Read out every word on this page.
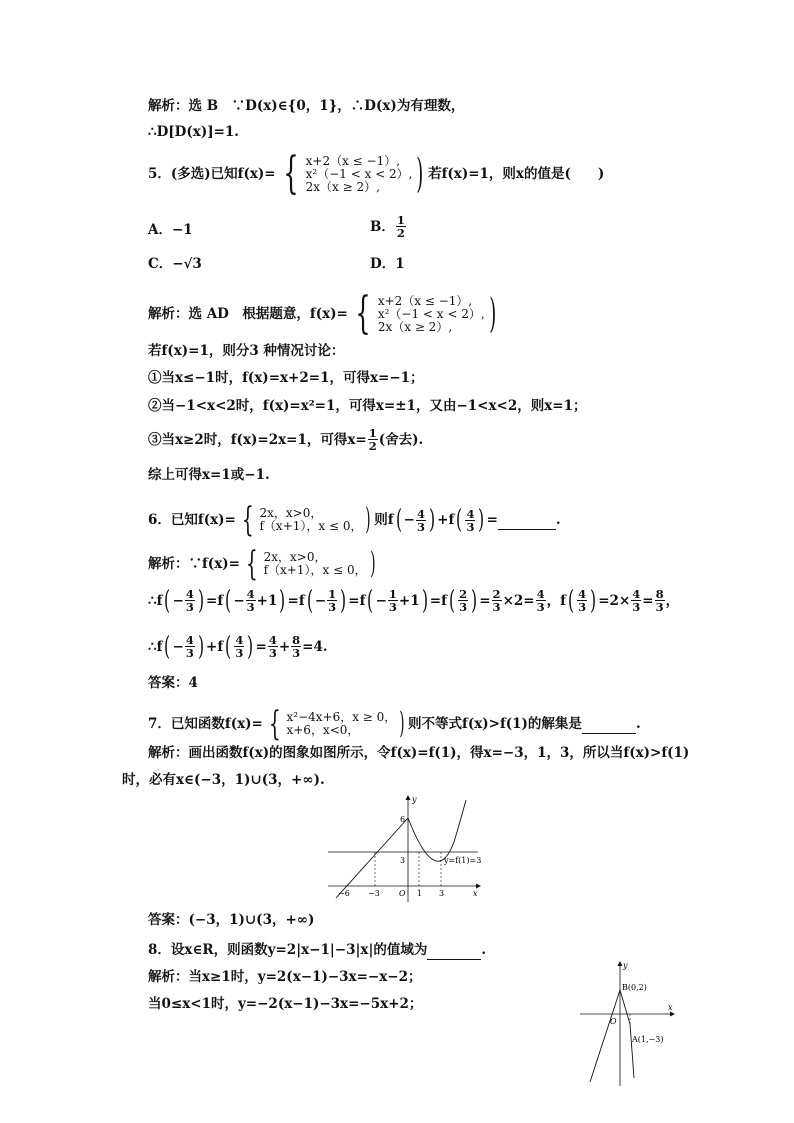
解析：选 B　∵D(x)∈{0，1}，∴D(x)为有理数，
∴D[D(x)]=1.
5．(多选)已知f(x)= { x+2（x ≤ −1）,
x²（−1 < x < 2）,
2x（x ≥ 2）, ) 若f(x)=1，则x的值是(　　)
A．−1	B． $\frac{1}{2}$
C．−√3	D．1
解析：选 AD　根据题意，f(x)= { x+2（x ≤ −1）,
x²（−1 < x < 2）,
2x（x ≥ 2）, )
若f(x)=1，则分3 种情况讨论：
①当x≤−1时，f(x)=x+2=1，可得x=−1；
②当−1<x<2时，f(x)=x²=1，可得x=±1，又由−1<x<2，则x=1；
③当x≥2时，f(x)=2x=1，可得$x= \frac{1}{2}$ (舍去).
综上可得x=1或−1.
6．已知f(x)= { 2x，x>0，
f（x+1），x ≤ 0， ) 则f ( − $\frac{4}{3}$ ) +f ( $\frac{4}{3}$ ) =
	.
解析：∵f(x)= { 2x，x>0，
f（x+1），x ≤ 0， )
∴f ( − $\frac{4}{3}$ ) =f ( − $\frac{4}{3} +1$ ) =f ( − $\frac{1}{3}$ ) =f ( − $\frac{1}{3} +1$ ) =f ( $\frac{2}{3}$ ) = $\frac{2}{3} \times 2= \frac{4}{3}$ ，f ( $\frac{4}{3}$ ) $=2\times \frac{4}{3} = \frac{8}{3}$ ，
∴f ( − $\frac{4}{3}$ ) +f ( $\frac{4}{3}$ ) = $\frac{4}{3} + \frac{8}{3} =4$.
答案：4
7．已知函数f(x)= { x²−4x+6，x ≥ 0，
x+6，x<0，	) 则不等式f(x)>f(1)的解集是
	.
解析：画出函数f(x)的图象如图所示，令f(x)=f(1)，得x=−3，1，3，所以当f(x)>f(1)
时，必有x∈(−3，1)∪(3，+∞).
y
x
O
6
3
−6 −3	1 3
y=f(1)=3
答案：(−3，1)∪(3，+∞)
8．设x∈R，则函数y=2|x−1|−3|x|的值域为	.
解析：当x≥1时，y=2(x−1)−3x=−x−2；
当0≤x<1时，y=−2(x−1)−3x=−5x+2；
y
x
O
B(0,2)
A(1,−3)
